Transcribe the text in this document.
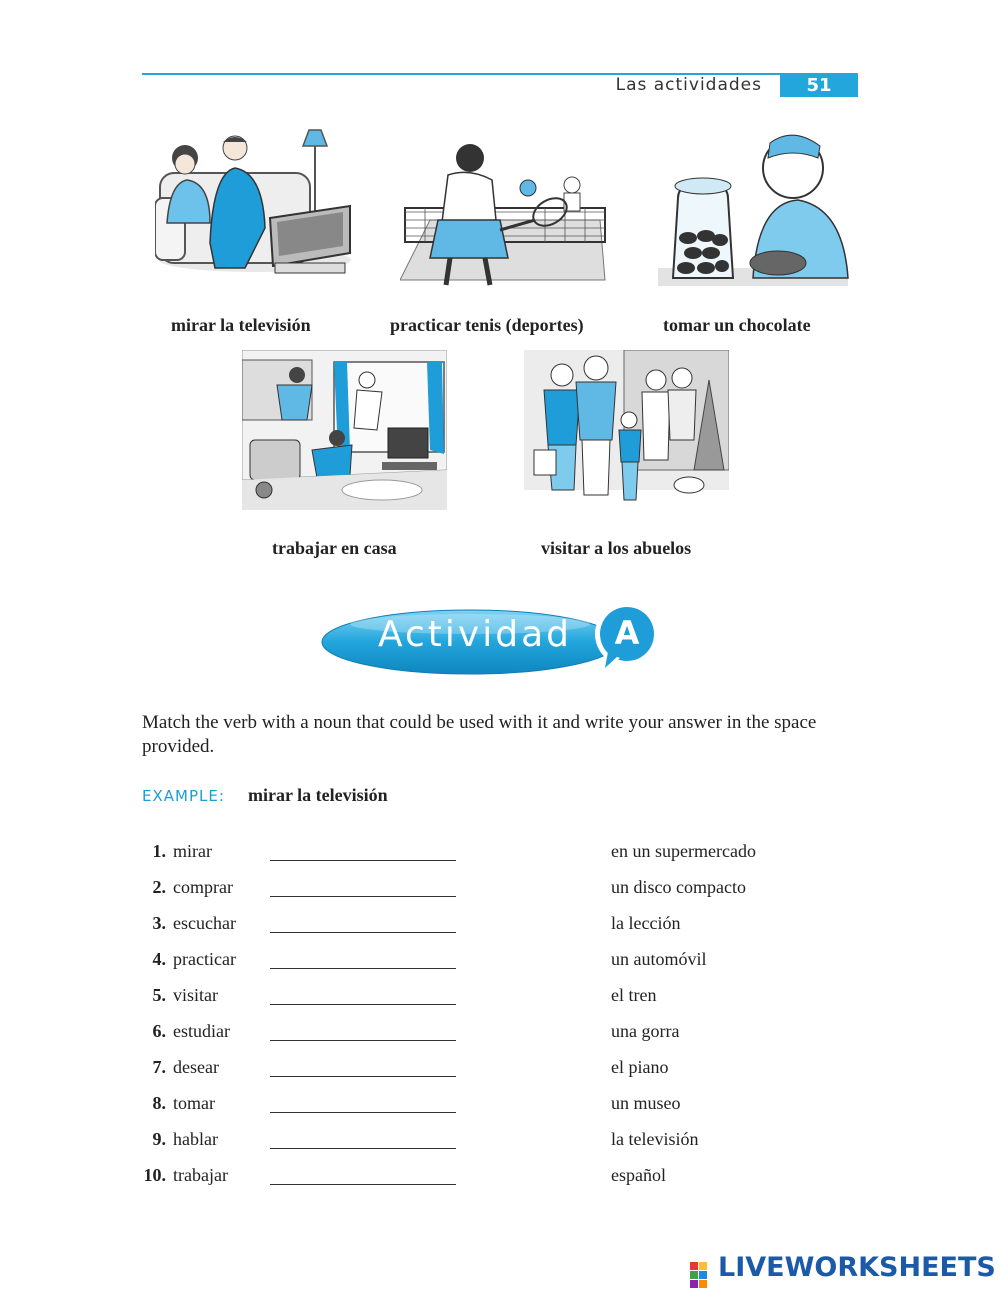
Las actividades	51
mirar la televisión	practicar tenis (deportes)	tomar un chocolate
trabajar en casa	visitar a los abuelos
Actividad A
Match the verb with a noun that could be used with it and write your answer in the space provided.
EXAMPLE: mirar la televisión
1. mirar	en un supermercado
2. comprar	un disco compacto
3. escuchar	la lección
4. practicar	un automóvil
5. visitar	el tren
6. estudiar	una gorra
7. desear	el piano
8. tomar	un museo
9. hablar	la televisión
10. trabajar	español
LIVEWORKSHEETS
